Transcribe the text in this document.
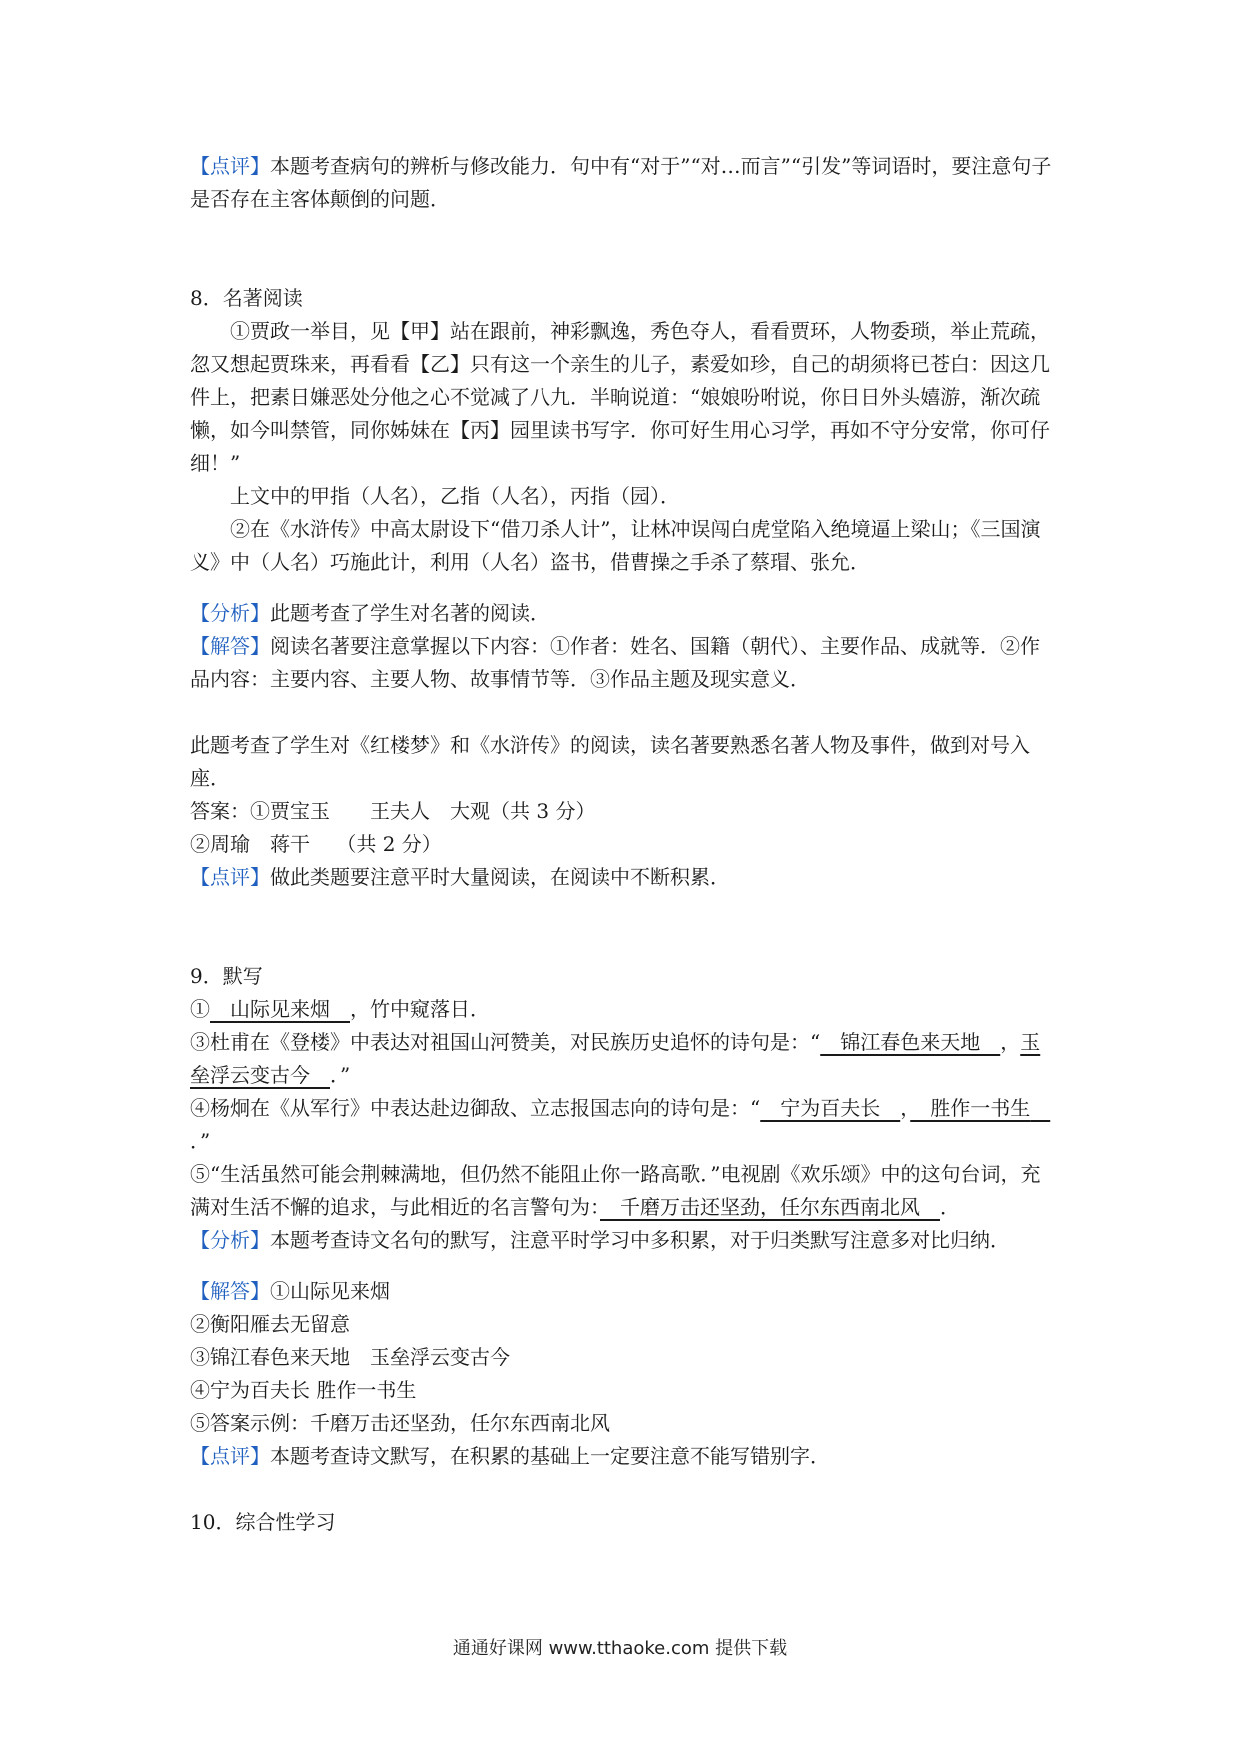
【点评】本题考查病句的辨析与修改能力．句中有“对于”“对…而言”“引发”等词语时，要注意句子是否存在主客体颠倒的问题．

8．名著阅读

①贾政一举目，见【甲】站在跟前，神彩飘逸，秀色夺人，看看贾环，人物委琐，举止荒疏，忽又想起贾珠来，再看看【乙】只有这一个亲生的儿子，素爱如珍，自己的胡须将已苍白：因这几件上，把素日嫌恶处分他之心不觉减了八九．半晌说道：“娘娘吩咐说，你日日外头嬉游，渐次疏懒，如今叫禁管，同你姊妹在【丙】园里读书写字．你可好生用心习学，再如不守分安常，你可仔细！”

上文中的甲指（人名），乙指（人名），丙指（园）．

②在《水浒传》中高太尉设下“借刀杀人计”，让林冲误闯白虎堂陷入绝境逼上梁山；《三国演义》中（人名）巧施此计，利用（人名）盗书，借曹操之手杀了蔡瑁、张允．

【分析】此题考查了学生对名著的阅读．

【解答】阅读名著要注意掌握以下内容：①作者：姓名、国籍（朝代）、主要作品、成就等．②作品内容：主要内容、主要人物、故事情节等．③作品主题及现实意义．

此题考查了学生对《红楼梦》和《水浒传》的阅读，读名著要熟悉名著人物及事件，做到对号入座．

答案：①贾宝玉　　王夫人　大观（共 3 分）

②周瑜　蒋干　 （共 2 分）

【点评】做此类题要注意平时大量阅读，在阅读中不断积累．

9．默写

①　山际见来烟　，竹中窥落日．

③杜甫在《登楼》中表达对祖国山河赞美，对民族历史追怀的诗句是：“　锦江春色来天地　，玉垒浮云变古今　．”

④杨炯在《从军行》中表达赴边御敌、立志报国志向的诗句是：“　宁为百夫长　，　胜作一书生　．”

⑤“生活虽然可能会荆棘满地，但仍然不能阻止你一路高歌．”电视剧《欢乐颂》中的这句台词，充满对生活不懈的追求，与此相近的名言警句为：　千磨万击还坚劲，任尔东西南北风　．

【分析】本题考查诗文名句的默写，注意平时学习中多积累，对于归类默写注意多对比归纳．

【解答】①山际见来烟

②衡阳雁去无留意

③锦江春色来天地　玉垒浮云变古今

④宁为百夫长 胜作一书生

⑤答案示例：千磨万击还坚劲，任尔东西南北风

【点评】本题考查诗文默写，在积累的基础上一定要注意不能写错别字．

10．综合性学习

通通好课网 www.tthaoke.com 提供下载
